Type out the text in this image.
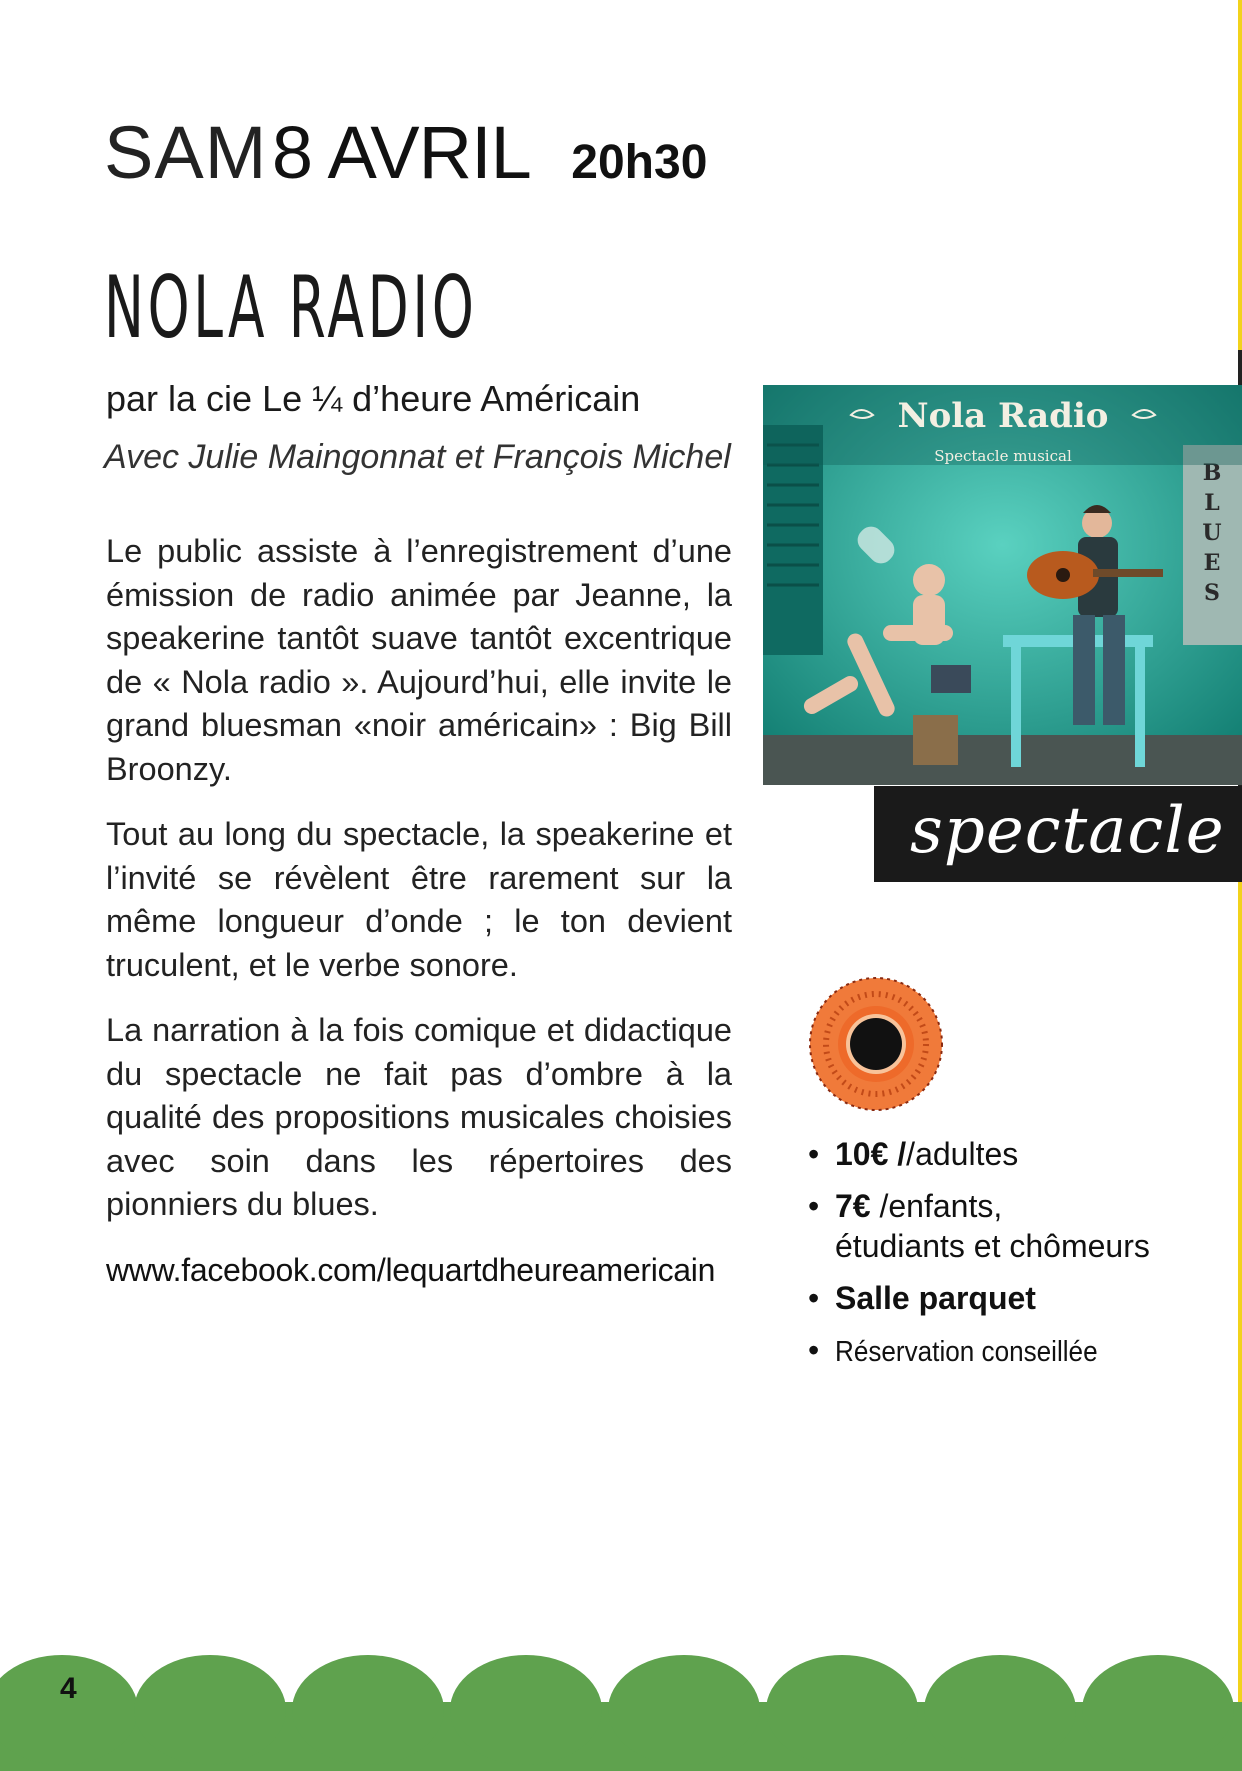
SAM 8 AVRIL 20h30
NOLA RADIO
par la cie Le ¼ d’heure Américain
Avec Julie Maingonnat et François Michel

Le public assiste à l’enregistrement d’une émission de radio animée par Jeanne, la speakerine tantôt suave tantôt excentrique de « Nola radio ». Aujourd’hui, elle invite le grand bluesman «noir américain» : Big Bill Broonzy.

Tout au long du spectacle, la speakerine et l’invité se révèlent être rarement sur la même longueur d’onde ; le ton devient truculent, et le verbe sonore.

La narration à la fois comique et didactique du spectacle ne fait pas d’ombre à la qualité des propositions musicales choisies avec soin dans les répertoires des pionniers du blues.

www.facebook.com/lequartdheureamericain
B
L
U
E
S
Nola Radio
Spectacle musical
spectacle
• 10€ //adultes
• 7€ /enfants,
étudiants et chômeurs
• Salle parquet
• Réservation conseillée
4
